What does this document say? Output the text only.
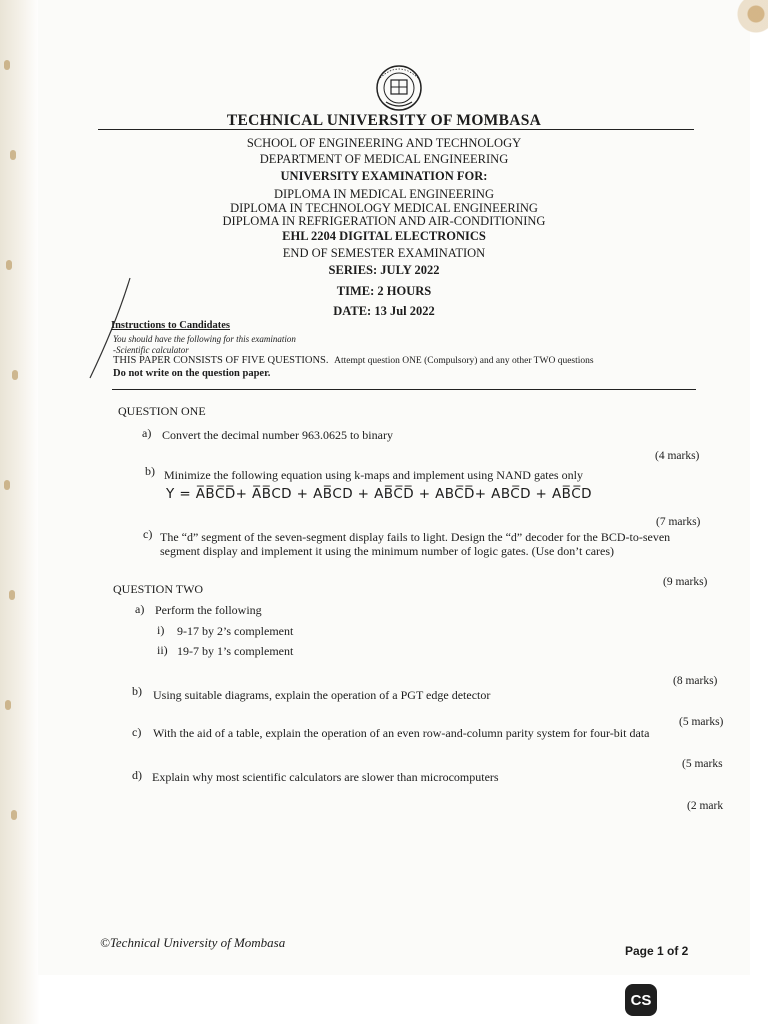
TECHNICAL UNIVERSITY OF MOMBASA
SCHOOL OF ENGINEERING AND TECHNOLOGY
DEPARTMENT OF MEDICAL ENGINEERING
UNIVERSITY EXAMINATION FOR:
DIPLOMA IN MEDICAL ENGINEERING
DIPLOMA IN TECHNOLOGY MEDICAL ENGINEERING
DIPLOMA IN REFRIGERATION AND AIR-CONDITIONING
EHL 2204 DIGITAL ELECTRONICS
END OF SEMESTER EXAMINATION
SERIES: JULY 2022
TIME: 2 HOURS
DATE: 13 Jul 2022
Instructions to Candidates
You should have the following for this examination
-Scientific calculator
THIS PAPER CONSISTS OF FIVE QUESTIONS. Attempt question ONE (Compulsory) and any other TWO questions
Do not write on the question paper.
QUESTION ONE
a) Convert the decimal number 963.0625 to binary
(4 marks)
b) Minimize the following equation using k-maps and implement using NAND gates only
Y = A̅B̅C̅D̅+ A̅B̅CD + AB̅CD + AB̅C̅D̅ + ABC̅D̅+ ABC̅D + AB̅C̅D
(7 marks)
c) The “d” segment of the seven-segment display fails to light. Design the “d” decoder for the BCD-to-seven
segment display and implement it using the minimum number of logic gates. (Use don’t cares)
(9 marks)
QUESTION TWO
a) Perform the following
i) 9-17 by 2’s complement
ii) 19-7 by 1’s complement
(8 marks)
b) Using suitable diagrams, explain the operation of a PGT edge detector
(5 marks)
c) With the aid of a table, explain the operation of an even row-and-column parity system for four-bit data
(5 marks
d) Explain why most scientific calculators are slower than microcomputers
(2 mark
©Technical University of Mombasa
Page 1 of 2
CS
